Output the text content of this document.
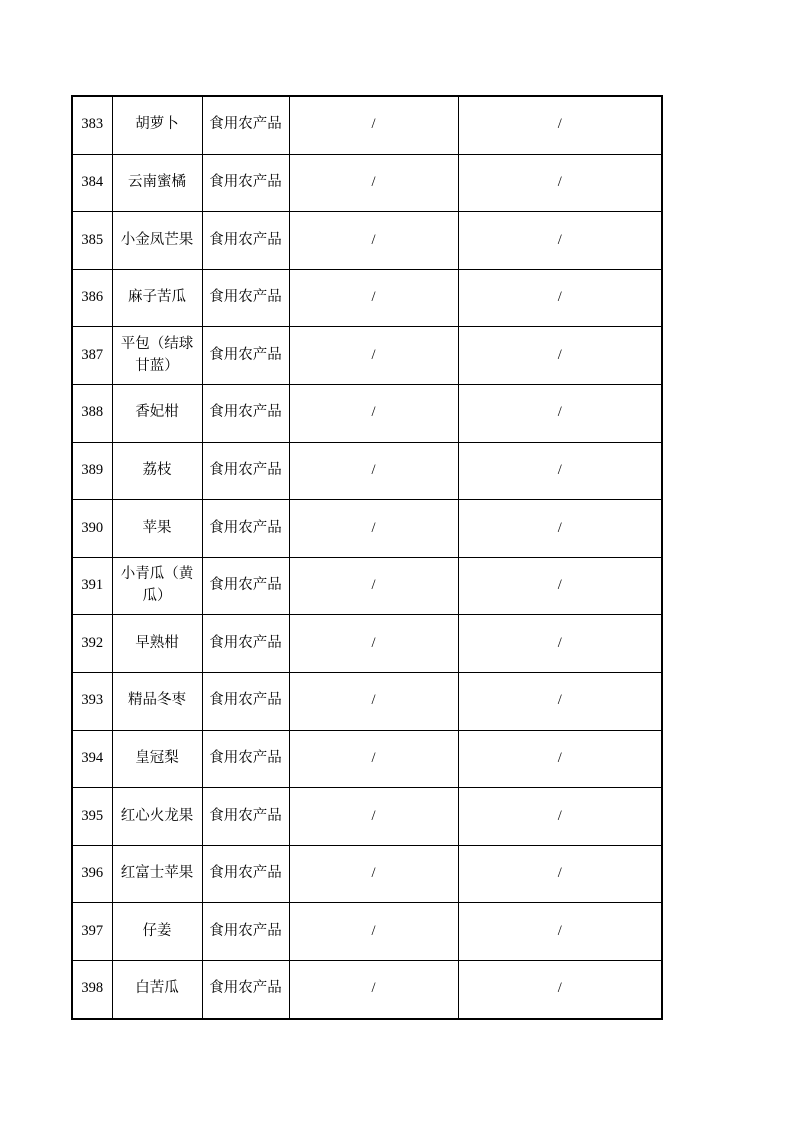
383	胡萝卜	食用农产品	/	/
384	云南蜜橘	食用农产品	/	/
385	小金凤芒果	食用农产品	/	/
386	麻子苦瓜	食用农产品	/	/
387	平包（结球甘蓝）	食用农产品	/	/
388	香妃柑	食用农产品	/	/
389	荔枝	食用农产品	/	/
390	苹果	食用农产品	/	/
391	小青瓜（黄瓜）	食用农产品	/	/
392	早熟柑	食用农产品	/	/
393	精品冬枣	食用农产品	/	/
394	皇冠梨	食用农产品	/	/
395	红心火龙果	食用农产品	/	/
396	红富士苹果	食用农产品	/	/
397	仔姜	食用农产品	/	/
398	白苦瓜	食用农产品	/	/
